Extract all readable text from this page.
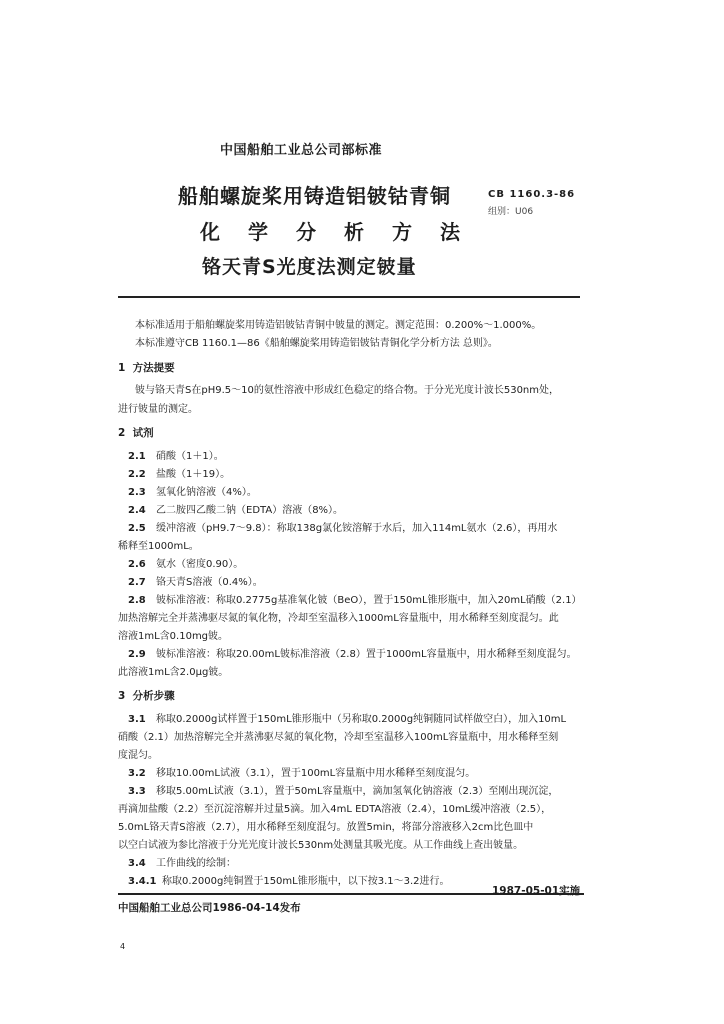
中国船舶工业总公司部标准
船舶螺旋桨用铸造铝铍钴青铜
化学分析方法
铬天青S光度法测定铍量
CB 1160.3-86
组别：U06
本标准适用于船舶螺旋桨用铸造铝铍钴青铜中铍量的测定。测定范围：0.200%～1.000%。
本标准遵守CB 1160.1—86《船舶螺旋桨用铸造铝铍钴青铜化学分析方法 总则》。
1 方法提要
铍与铬天青S在pH9.5～10的氨性溶液中形成红色稳定的络合物。于分光光度计波长530nm处，
进行铍量的测定。
2 试剂
2.1 硝酸（1＋1）。
2.2 盐酸（1＋19）。
2.3 氢氧化钠溶液（4%）。
2.4 乙二胺四乙酸二钠（EDTA）溶液（8%）。
2.5 缓冲溶液（pH9.7～9.8）：称取138g氯化铵溶解于水后，加入114mL氨水（2.6），再用水
稀释至1000mL。
2.6 氨水（密度0.90）。
2.7 铬天青S溶液（0.4%）。
2.8 铍标准溶液：称取0.2775g基准氧化铍（BeO），置于150mL锥形瓶中，加入20mL硝酸（2.1）
加热溶解完全并蒸沸驱尽氮的氧化物，冷却至室温移入1000mL容量瓶中，用水稀释至刻度混匀。此
溶液1mL含0.10mg铍。
2.9 铍标准溶液：称取20.00mL铍标准溶液（2.8）置于1000mL容量瓶中，用水稀释至刻度混匀。
此溶液1mL含2.0μg铍。
3 分析步骤
3.1 称取0.2000g试样置于150mL锥形瓶中（另称取0.2000g纯铜随同试样做空白），加入10mL
硝酸（2.1）加热溶解完全并蒸沸驱尽氮的氧化物，冷却至室温移入100mL容量瓶中，用水稀释至刻
度混匀。
3.2 移取10.00mL试液（3.1），置于100mL容量瓶中用水稀释至刻度混匀。
3.3 移取5.00mL试液（3.1），置于50mL容量瓶中，滴加氢氧化钠溶液（2.3）至刚出现沉淀，
再滴加盐酸（2.2）至沉淀溶解并过量5滴。加入4mL EDTA溶液（2.4），10mL缓冲溶液（2.5），
5.0mL铬天青S溶液（2.7），用水稀释至刻度混匀。放置5min，将部分溶液移入2cm比色皿中
以空白试液为参比溶液于分光光度计波长530nm处测量其吸光度。从工作曲线上查出铍量。
3.4 工作曲线的绘制：
3.4.1 称取0.2000g纯铜置于150mL锥形瓶中，以下按3.1～3.2进行。
中国船舶工业总公司1986-04-14发布
1987-05-01实施
4
